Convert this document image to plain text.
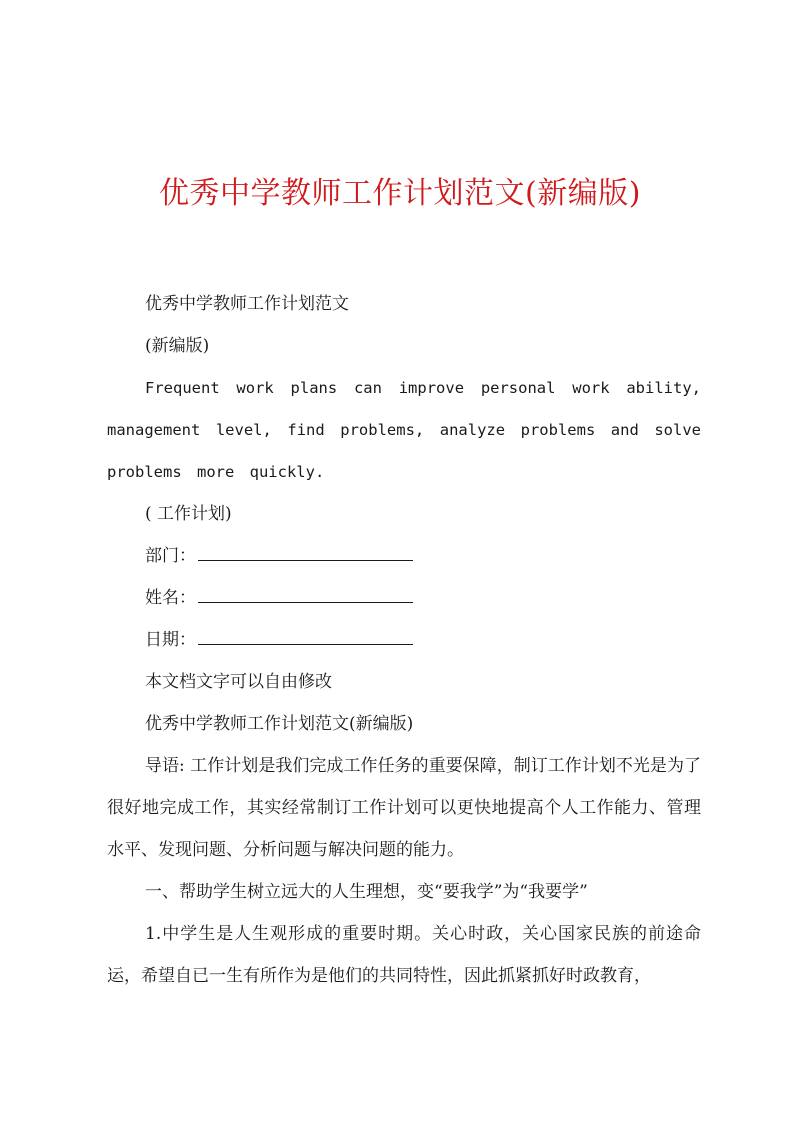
优秀中学教师工作计划范文(新编版)

优秀中学教师工作计划范文

(新编版)

Frequent work plans can improve personal work ability, management level, find problems, analyze problems and solve problems more quickly.

( 工作计划)

部门：

姓名：

日期：

本文档文字可以自由修改

优秀中学教师工作计划范文(新编版)

导语: 工作计划是我们完成工作任务的重要保障，制订工作计划不光是为了很好地完成工作，其实经常制订工作计划可以更快地提高个人工作能力、管理水平、发现问题、分析问题与解决问题的能力。

一、帮助学生树立远大的人生理想，变“要我学”为“我要学”

1.中学生是人生观形成的重要时期。关心时政，关心国家民族的前途命运，希望自已一生有所作为是他们的共同特性，因此抓紧抓好时政教育，
